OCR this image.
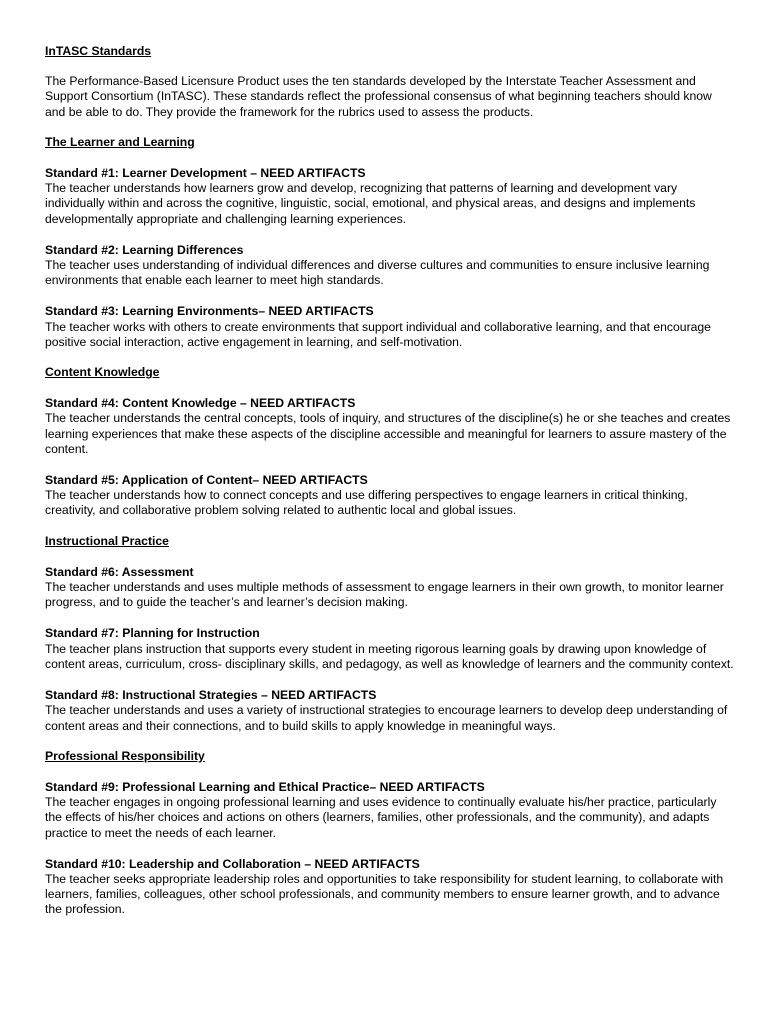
InTASC Standards
The Performance-Based Licensure Product uses the ten standards developed by the Interstate Teacher Assessment and Support Consortium (InTASC). These standards reflect the professional consensus of what beginning teachers should know and be able to do. They provide the framework for the rubrics used to assess the products.
The Learner and Learning
Standard #1: Learner Development – NEED ARTIFACTS
The teacher understands how learners grow and develop, recognizing that patterns of learning and development vary individually within and across the cognitive, linguistic, social, emotional, and physical areas, and designs and implements developmentally appropriate and challenging learning experiences.
Standard #2: Learning Differences
The teacher uses understanding of individual differences and diverse cultures and communities to ensure inclusive learning environments that enable each learner to meet high standards.
Standard #3: Learning Environments– NEED ARTIFACTS
The teacher works with others to create environments that support individual and collaborative learning, and that encourage positive social interaction, active engagement in learning, and self-motivation.
Content Knowledge
Standard #4: Content Knowledge – NEED ARTIFACTS
The teacher understands the central concepts, tools of inquiry, and structures of the discipline(s) he or she teaches and creates learning experiences that make these aspects of the discipline accessible and meaningful for learners to assure mastery of the content.
Standard #5: Application of Content– NEED ARTIFACTS
The teacher understands how to connect concepts and use differing perspectives to engage learners in critical thinking, creativity, and collaborative problem solving related to authentic local and global issues.
Instructional Practice
Standard #6: Assessment
The teacher understands and uses multiple methods of assessment to engage learners in their own growth, to monitor learner progress, and to guide the teacher’s and learner’s decision making.
Standard #7: Planning for Instruction
The teacher plans instruction that supports every student in meeting rigorous learning goals by drawing upon knowledge of content areas, curriculum, cross- disciplinary skills, and pedagogy, as well as knowledge of learners and the community context.
Standard #8: Instructional Strategies – NEED ARTIFACTS
The teacher understands and uses a variety of instructional strategies to encourage learners to develop deep understanding of content areas and their connections, and to build skills to apply knowledge in meaningful ways.
Professional Responsibility
Standard #9: Professional Learning and Ethical Practice– NEED ARTIFACTS
The teacher engages in ongoing professional learning and uses evidence to continually evaluate his/her practice, particularly the effects of his/her choices and actions on others (learners, families, other professionals, and the community), and adapts practice to meet the needs of each learner.
Standard #10: Leadership and Collaboration – NEED ARTIFACTS
The teacher seeks appropriate leadership roles and opportunities to take responsibility for student learning, to collaborate with learners, families, colleagues, other school professionals, and community members to ensure learner growth, and to advance the profession.
